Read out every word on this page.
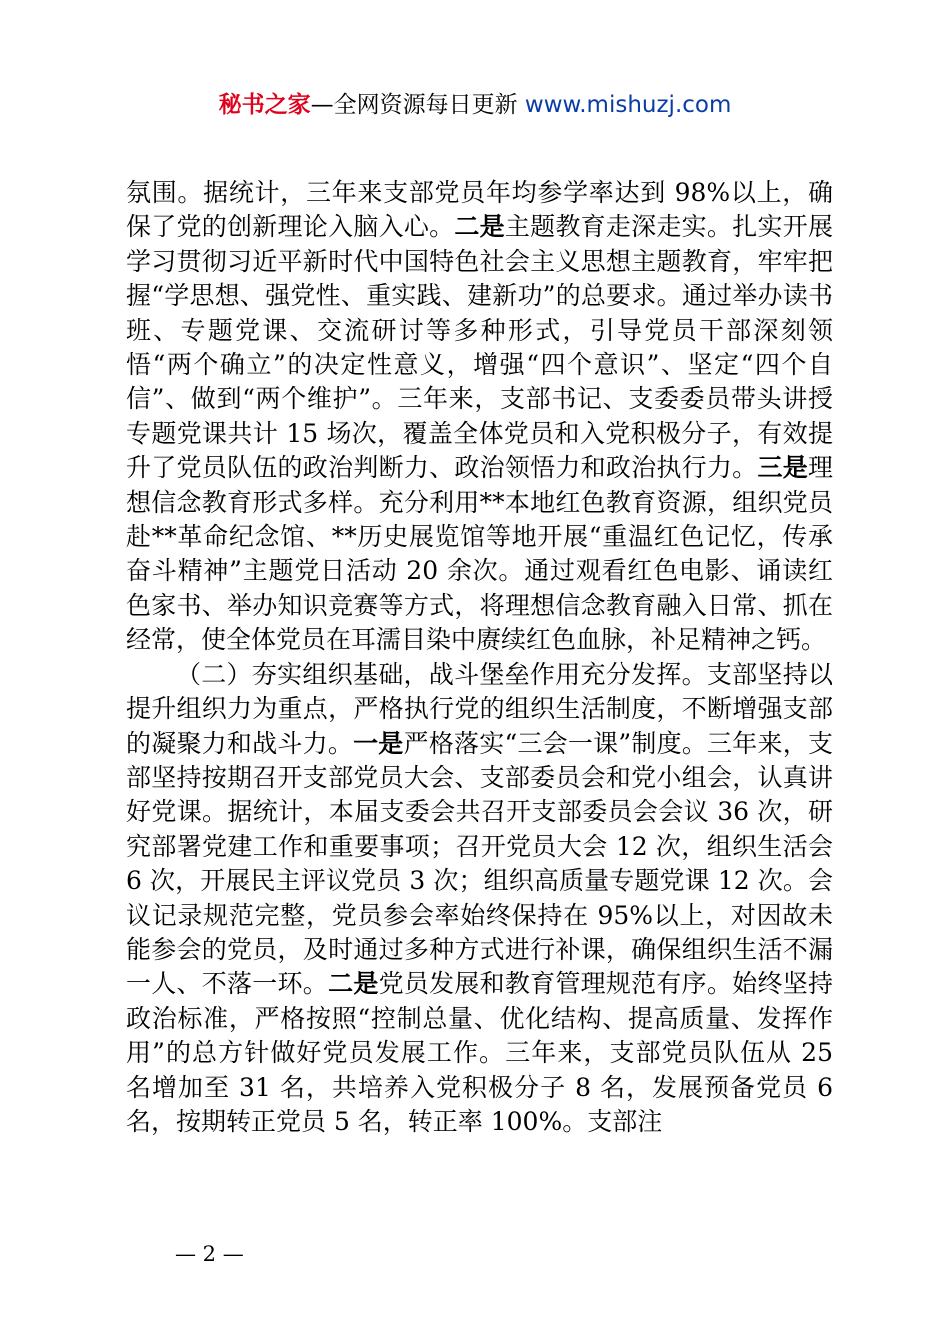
秘书之家—全网资源每日更新 www.mishuzj.com

氛围。据统计，三年来支部党员年均参学率达到 98%以上，确保了党的创新理论入脑入心。二是主题教育走深走实。扎实开展学习贯彻习近平新时代中国特色社会主义思想主题教育，牢牢把握“学思想、强党性、重实践、建新功”的总要求。通过举办读书班、专题党课、交流研讨等多种形式，引导党员干部深刻领悟“两个确立”的决定性意义，增强“四个意识”、坚定“四个自信”、做到“两个维护”。三年来，支部书记、支委委员带头讲授专题党课共计 15 场次，覆盖全体党员和入党积极分子，有效提升了党员队伍的政治判断力、政治领悟力和政治执行力。三是理想信念教育形式多样。充分利用**本地红色教育资源，组织党员赴**革命纪念馆、**历史展览馆等地开展“重温红色记忆，传承奋斗精神”主题党日活动 20 余次。通过观看红色电影、诵读红色家书、举办知识竞赛等方式，将理想信念教育融入日常、抓在经常，使全体党员在耳濡目染中赓续红色血脉，补足精神之钙。

（二）夯实组织基础，战斗堡垒作用充分发挥。支部坚持以提升组织力为重点，严格执行党的组织生活制度，不断增强支部的凝聚力和战斗力。一是严格落实“三会一课”制度。三年来，支部坚持按期召开支部党员大会、支部委员会和党小组会，认真讲好党课。据统计，本届支委会共召开支部委员会会议 36 次，研究部署党建工作和重要事项；召开党员大会 12 次，组织生活会 6 次，开展民主评议党员 3 次；组织高质量专题党课 12 次。会议记录规范完整，党员参会率始终保持在 95%以上，对因故未能参会的党员，及时通过多种方式进行补课，确保组织生活不漏一人、不落一环。二是党员发展和教育管理规范有序。始终坚持政治标准，严格按照“控制总量、优化结构、提高质量、发挥作用”的总方针做好党员发展工作。三年来，支部党员队伍从 25 名增加至 31 名，共培养入党积极分子 8 名，发展预备党员 6 名，按期转正党员 5 名，转正率 100%。支部注

— 2 —
